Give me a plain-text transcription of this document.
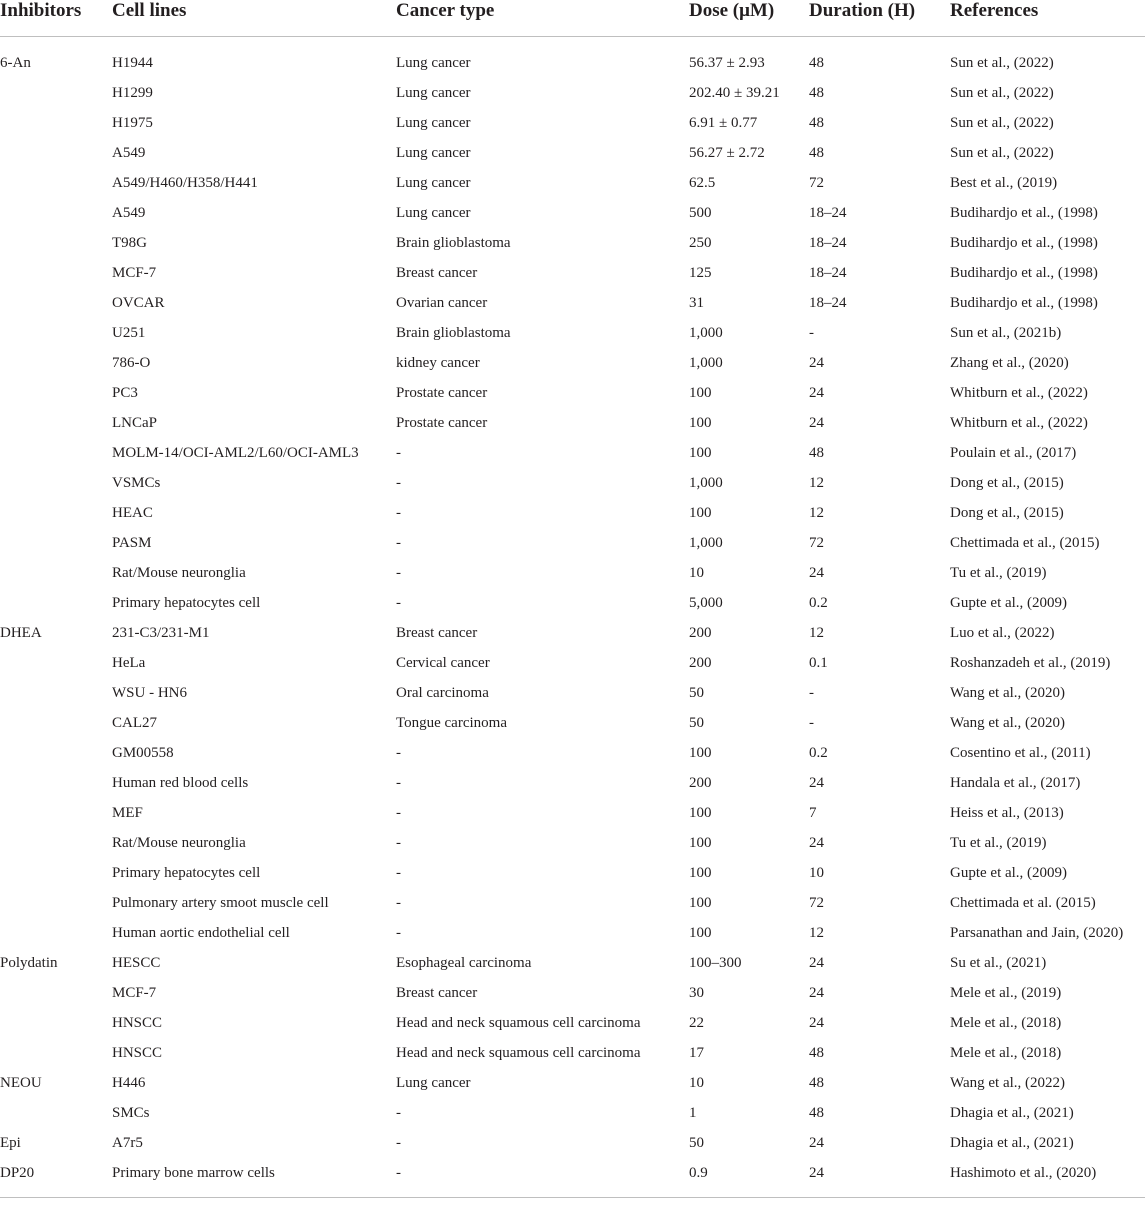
Inhibitors	Cell lines	Cancer type	Dose (μM)	Duration (H)	References
6-An	H1944	Lung cancer	56.37 ± 2.93	48	Sun et al., (2022)
	H1299	Lung cancer	202.40 ± 39.21	48	Sun et al., (2022)
	H1975	Lung cancer	6.91 ± 0.77	48	Sun et al., (2022)
	A549	Lung cancer	56.27 ± 2.72	48	Sun et al., (2022)
	A549/H460/H358/H441	Lung cancer	62.5	72	Best et al., (2019)
	A549	Lung cancer	500	18–24	Budihardjo et al., (1998)
	T98G	Brain glioblastoma	250	18–24	Budihardjo et al., (1998)
	MCF-7	Breast cancer	125	18–24	Budihardjo et al., (1998)
	OVCAR	Ovarian cancer	31	18–24	Budihardjo et al., (1998)
	U251	Brain glioblastoma	1,000	-	Sun et al., (2021b)
	786-O	kidney cancer	1,000	24	Zhang et al., (2020)
	PC3	Prostate cancer	100	24	Whitburn et al., (2022)
	LNCaP	Prostate cancer	100	24	Whitburn et al., (2022)
	MOLM-14/OCI-AML2/L60/OCI-AML3	-	100	48	Poulain et al., (2017)
	VSMCs	-	1,000	12	Dong et al., (2015)
	HEAC	-	100	12	Dong et al., (2015)
	PASM	-	1,000	72	Chettimada et al., (2015)
	Rat/Mouse neuronglia	-	10	24	Tu et al., (2019)
	Primary hepatocytes cell	-	5,000	0.2	Gupte et al., (2009)
DHEA	231-C3/231-M1	Breast cancer	200	12	Luo et al., (2022)
	HeLa	Cervical cancer	200	0.1	Roshanzadeh et al., (2019)
	WSU - HN6	Oral carcinoma	50	-	Wang et al., (2020)
	CAL27	Tongue carcinoma	50	-	Wang et al., (2020)
	GM00558	-	100	0.2	Cosentino et al., (2011)
	Human red blood cells	-	200	24	Handala et al., (2017)
	MEF	-	100	7	Heiss et al., (2013)
	Rat/Mouse neuronglia	-	100	24	Tu et al., (2019)
	Primary hepatocytes cell	-	100	10	Gupte et al., (2009)
	Pulmonary artery smoot muscle cell	-	100	72	Chettimada et al. (2015)
	Human aortic endothelial cell	-	100	12	Parsanathan and Jain, (2020)
Polydatin	HESCC	Esophageal carcinoma	100–300	24	Su et al., (2021)
	MCF-7	Breast cancer	30	24	Mele et al., (2019)
	HNSCC	Head and neck squamous cell carcinoma	22	24	Mele et al., (2018)
	HNSCC	Head and neck squamous cell carcinoma	17	48	Mele et al., (2018)
NEOU	H446	Lung cancer	10	48	Wang et al., (2022)
	SMCs	-	1	48	Dhagia et al., (2021)
Epi	A7r5	-	50	24	Dhagia et al., (2021)
DP20	Primary bone marrow cells	-	0.9	24	Hashimoto et al., (2020)
